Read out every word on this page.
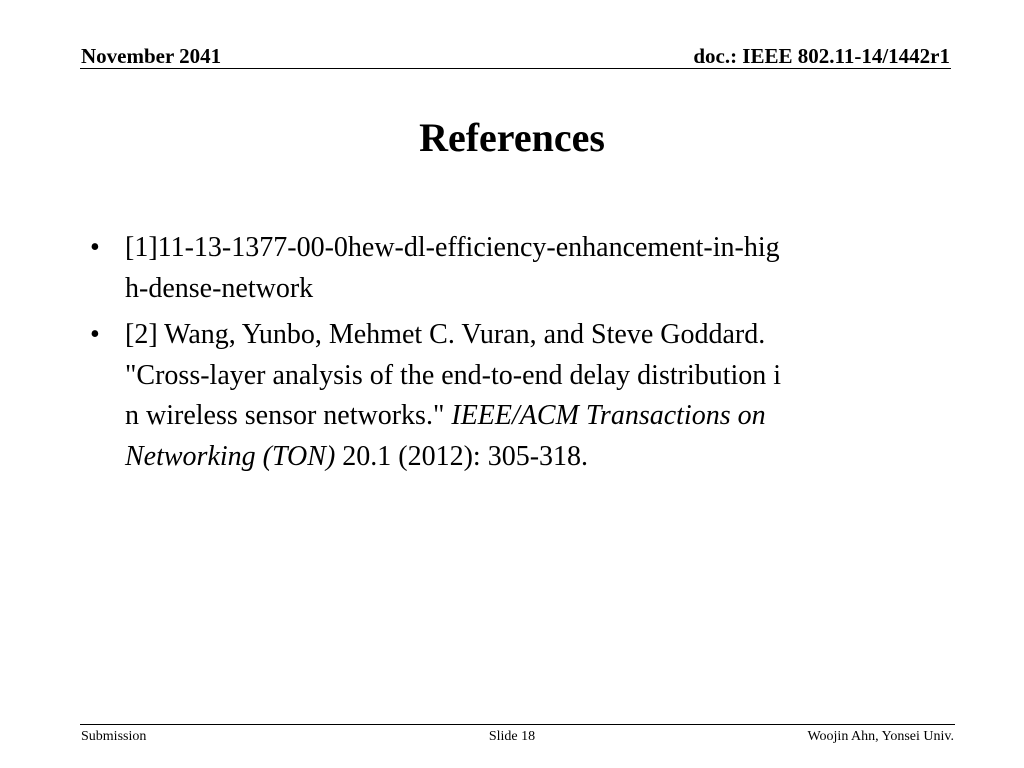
November 2041	doc.: IEEE 802.11-14/1442r1
References
• [1]11-13-1377-00-0hew-dl-efficiency-enhancement-in-hig
h-dense-network
• [2] Wang, Yunbo, Mehmet C. Vuran, and Steve Goddard.
"Cross-layer analysis of the end-to-end delay distribution i
n wireless sensor networks." IEEE/ACM Transactions on
Networking (TON) 20.1 (2012): 305-318.
Submission	Slide 18	Woojin Ahn, Yonsei Univ.
